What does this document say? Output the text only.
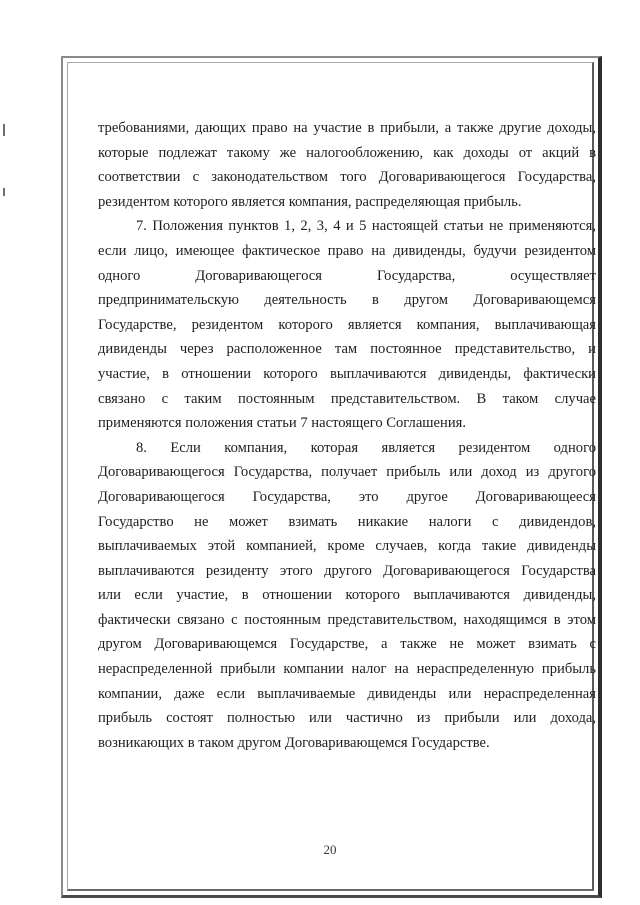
требованиями, дающих право на участие в прибыли, а также другие доходы,
которые подлежат такому же налогообложению, как доходы от акций в
соответствии с законодательством того Договаривающегося Государства,
резидентом которого является компания, распределяющая прибыль.
7. Положения пунктов 1, 2, 3, 4 и 5 настоящей статьи не применяются,
если лицо, имеющее фактическое право на дивиденды, будучи резидентом
одного Договаривающегося Государства, осуществляет
предпринимательскую деятельность в другом Договаривающемся
Государстве, резидентом которого является компания, выплачивающая
дивиденды через расположенное там постоянное представительство, и
участие, в отношении которого выплачиваются дивиденды, фактически
связано с таким постоянным представительством. В таком случае
применяются положения статьи 7 настоящего Соглашения.
8. Если компания, которая является резидентом одного
Договаривающегося Государства, получает прибыль или доход из другого
Договаривающегося Государства, это другое Договаривающееся
Государство не может взимать никакие налоги с дивидендов,
выплачиваемых этой компанией, кроме случаев, когда такие дивиденды
выплачиваются резиденту этого другого Договаривающегося Государства
или если участие, в отношении которого выплачиваются дивиденды,
фактически связано с постоянным представительством, находящимся в этом
другом Договаривающемся Государстве, а также не может взимать с
нераспределенной прибыли компании налог на нераспределенную прибыль
компании, даже если выплачиваемые дивиденды или нераспределенная
прибыль состоят полностью или частично из прибыли или дохода,
возникающих в таком другом Договаривающемся Государстве.
20
